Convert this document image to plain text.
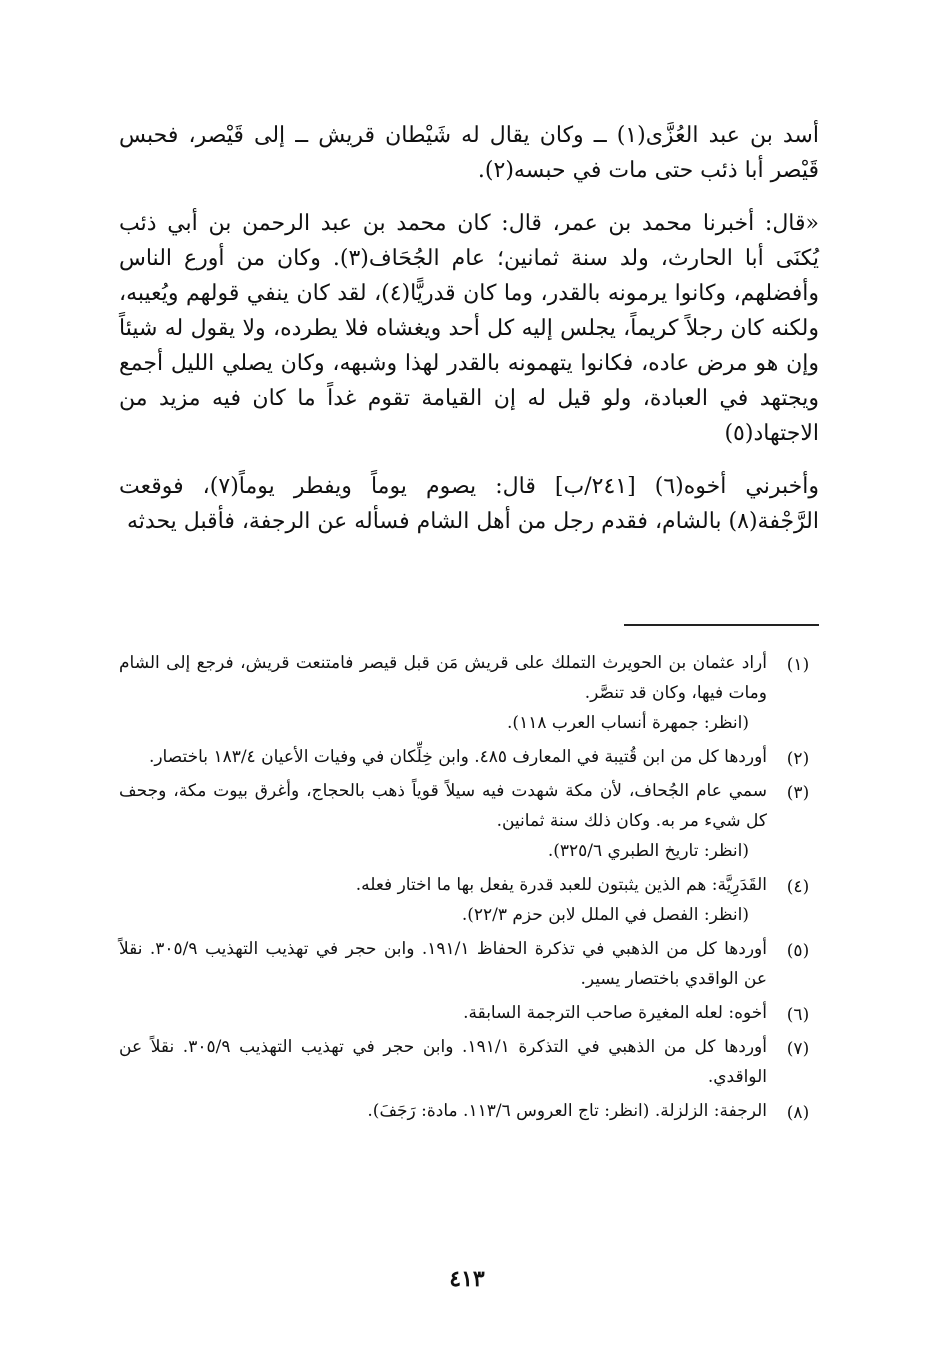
أسد بن عبد العُزَّى(١) ــ وكان يقال له شَيْطان قريش ــ إلى قَيْصر، فحبس قَيْصر أبا ذئب حتى مات في حبسه(٢).

«قال: أخبرنا محمد بن عمر، قال: كان محمد بن عبد الرحمن بن أبي ذئب يُكنَى أبا الحارث، ولد سنة ثمانين؛ عام الجُحَاف(٣). وكان من أورع الناس وأفضلهم، وكانوا يرمونه بالقدر، وما كان قدريًّا(٤)، لقد كان ينفي قولهم ويُعيبه، ولكنه كان رجلاً كريماً، يجلس إليه كل أحد ويغشاه فلا يطرده، ولا يقول له شيئاً وإن هو مرض عاده، فكانوا يتهمونه بالقدر لهذا وشبهه، وكان يصلي الليل أجمع ويجتهد في العبادة، ولو قيل له إن القيامة تقوم غداً ما كان فيه مزيد من الاجتهاد(٥)

وأخبرني أخوه(٦) [٢٤١/ب] قال: يصوم يوماً ويفطر يوماً(٧)، فوقعت الرَّجْفة(٨) بالشام، فقدم رجل من أهل الشام فسأله عن الرجفة، فأقبل يحدثه

(١)
أراد عثمان بن الحويرث التملك على قريش مَن قبل قيصر فامتنعت قريش، فرجع إلى الشام ومات فيها، وكان قد تنصَّر.
(انظر: جمهرة أنساب العرب ١١٨).
(٢)
أوردها كل من ابن قُتيبة في المعارف ٤٨٥. وابن خِلِّكان في وفيات الأعيان ١٨٣/٤ باختصار.
(٣)
سمي عام الجُحاف، لأن مكة شهدت فيه سيلاً قوياً ذهب بالحجاج، وأغرق بيوت مكة، وجحف كل شيء مر به. وكان ذلك سنة ثمانين.
(انظر: تاريخ الطبري ٣٢٥/٦).
(٤)
القَدَرِيَّة: هم الذين يثبتون للعبد قدرة يفعل بها ما اختار فعله.
(انظر: الفصل في الملل لابن حزم ٢٢/٣).
(٥)
أوردها كل من الذهبي في تذكرة الحفاظ ١٩١/١. وابن حجر في تهذيب التهذيب ٣٠٥/٩. نقلاً عن الواقدي باختصار يسير.
(٦)
أخوه: لعله المغيرة صاحب الترجمة السابقة.
(٧)
أوردها كل من الذهبي في التذكرة ١٩١/١. وابن حجر في تهذيب التهذيب ٣٠٥/٩. نقلاً عن الواقدي.
(٨)
الرجفة: الزلزلة. (انظر: تاج العروس ١١٣/٦. مادة: رَجَفَ).
٤١٣
